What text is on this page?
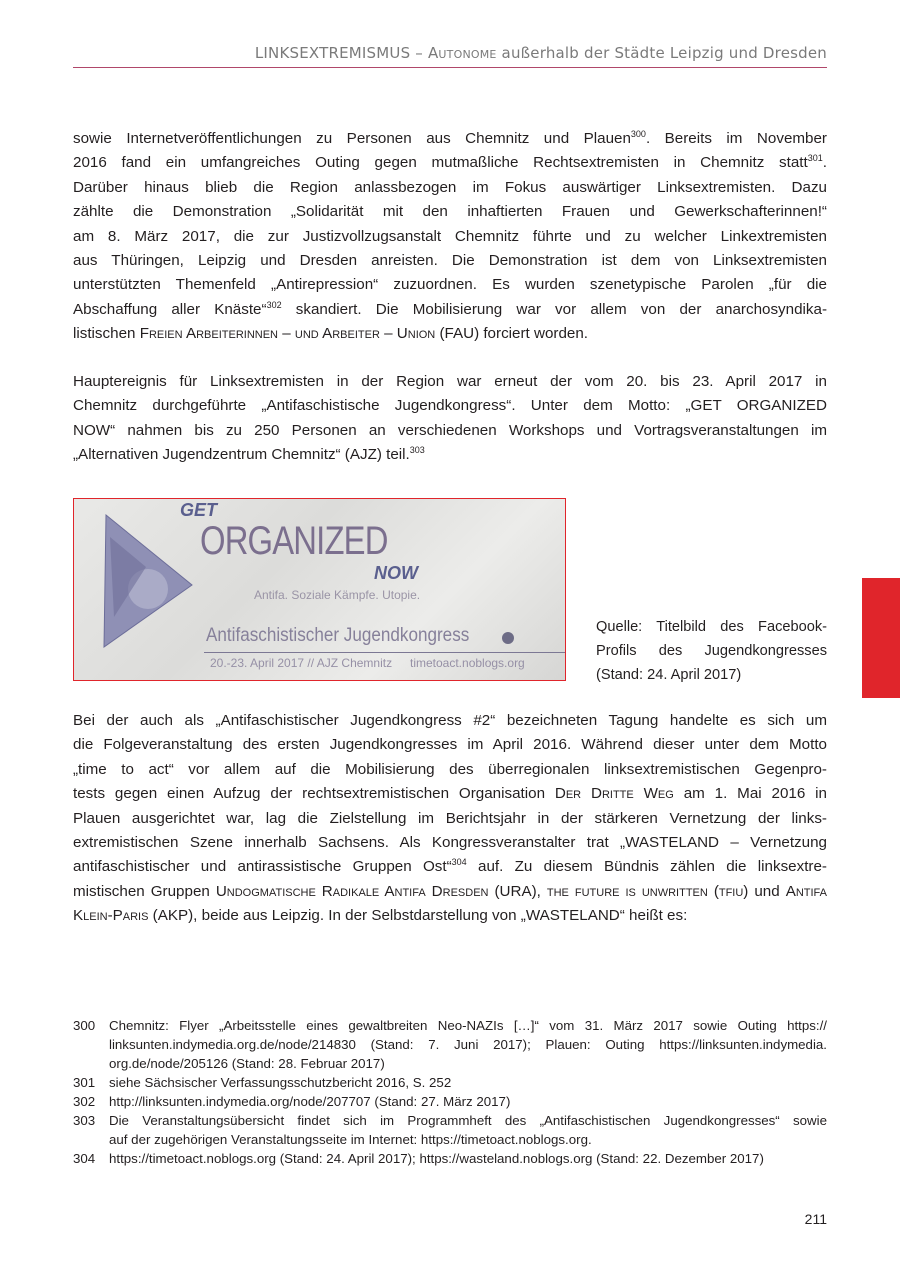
LINKSEXTREMISMUS – Autonome außerhalb der Städte Leipzig und Dresden
sowie Internetveröffentlichungen zu Personen aus Chemnitz und Plauen$^{300}$. Bereits im November
2016 fand ein umfangreiches Outing gegen mutmaßliche Rechtsextremisten in Chemnitz statt$^{301}$.
Darüber hinaus blieb die Region anlassbezogen im Fokus auswärtiger Linksextremisten. Dazu
zählte die Demonstration „Solidarität mit den inhaftierten Frauen und Gewerkschafterinnen!“
am 8. März 2017, die zur Justizvollzugsanstalt Chemnitz führte und zu welcher Linkextremisten
aus Thüringen, Leipzig und Dresden anreisten. Die Demonstration ist dem von Linksextremisten
unterstützten Themenfeld „Antirepression“ zuzuordnen. Es wurden szenetypische Parolen „für die
Abschaffung aller Knäste“$^{302}$ skandiert. Die Mobilisierung war vor allem von der anarchosyndika-
listischen Freien Arbeiterinnen – und Arbeiter – Union (FAU) forciert worden.
Hauptereignis für Linksextremisten in der Region war erneut der vom 20. bis 23. April 2017 in
Chemnitz durchgeführte „Antifaschistische Jugendkongress“. Unter dem Motto: „GET ORGANIZED
NOW“ nahmen bis zu 250 Personen an verschiedenen Workshops und Vortragsveranstaltungen im
„Alternativen Jugendzentrum Chemnitz“ (AJZ) teil.$^{303}$
GET
ORGANIZED
NOW
Antifa. Soziale Kämpfe. Utopie.
Antifaschistischer Jugendkongress
20.-23. April 2017 // AJZ Chemnitz timetoact.noblogs.org
Quelle: Titelbild des Facebook-
Profils des Jugendkongresses
(Stand: 24. April 2017)
Bei der auch als „Antifaschistischer Jugendkongress #2“ bezeichneten Tagung handelte es sich um
die Folgeveranstaltung des ersten Jugendkongresses im April 2016. Während dieser unter dem Motto
„time to act“ vor allem auf die Mobilisierung des überregionalen linksextremistischen Gegenpro-
tests gegen einen Aufzug der rechtsextremistischen Organisation Der Dritte Weg am 1. Mai 2016 in
Plauen ausgerichtet war, lag die Zielstellung im Berichtsjahr in der stärkeren Vernetzung der links-
extremistischen Szene innerhalb Sachsens. Als Kongressveranstalter trat „WASTELAND – Vernetzung
antifaschistischer und antirassistische Gruppen Ost“$^{304}$ auf. Zu diesem Bündnis zählen die linksextre-
mistischen Gruppen Undogmatische Radikale Antifa Dresden (URA), the future is unwritten (tfiu) und Antifa
Klein-Paris (AKP), beide aus Leipzig. In der Selbstdarstellung von „WASTELAND“ heißt es:
300	Chemnitz: Flyer „Arbeitsstelle eines gewaltbreiten Neo-NAZIs […]“ vom 31. März 2017 sowie Outing https://
linksunten.indymedia.org.de/node/214830 (Stand: 7. Juni 2017); Plauen: Outing https://linksunten.indymedia.
org.de/node/205126 (Stand: 28. Februar 2017)
301	siehe Sächsischer Verfassungsschutzbericht 2016, S. 252
302	http://linksunten.indymedia.org/node/207707 (Stand: 27. März 2017)
303	Die Veranstaltungsübersicht findet sich im Programmheft des „Antifaschistischen Jugendkongresses“ sowie
auf der zugehörigen Veranstaltungsseite im Internet: https://timetoact.noblogs.org.
304	https://timetoact.noblogs.org (Stand: 24. April 2017); https://wasteland.noblogs.org (Stand: 22. Dezember 2017)
211
